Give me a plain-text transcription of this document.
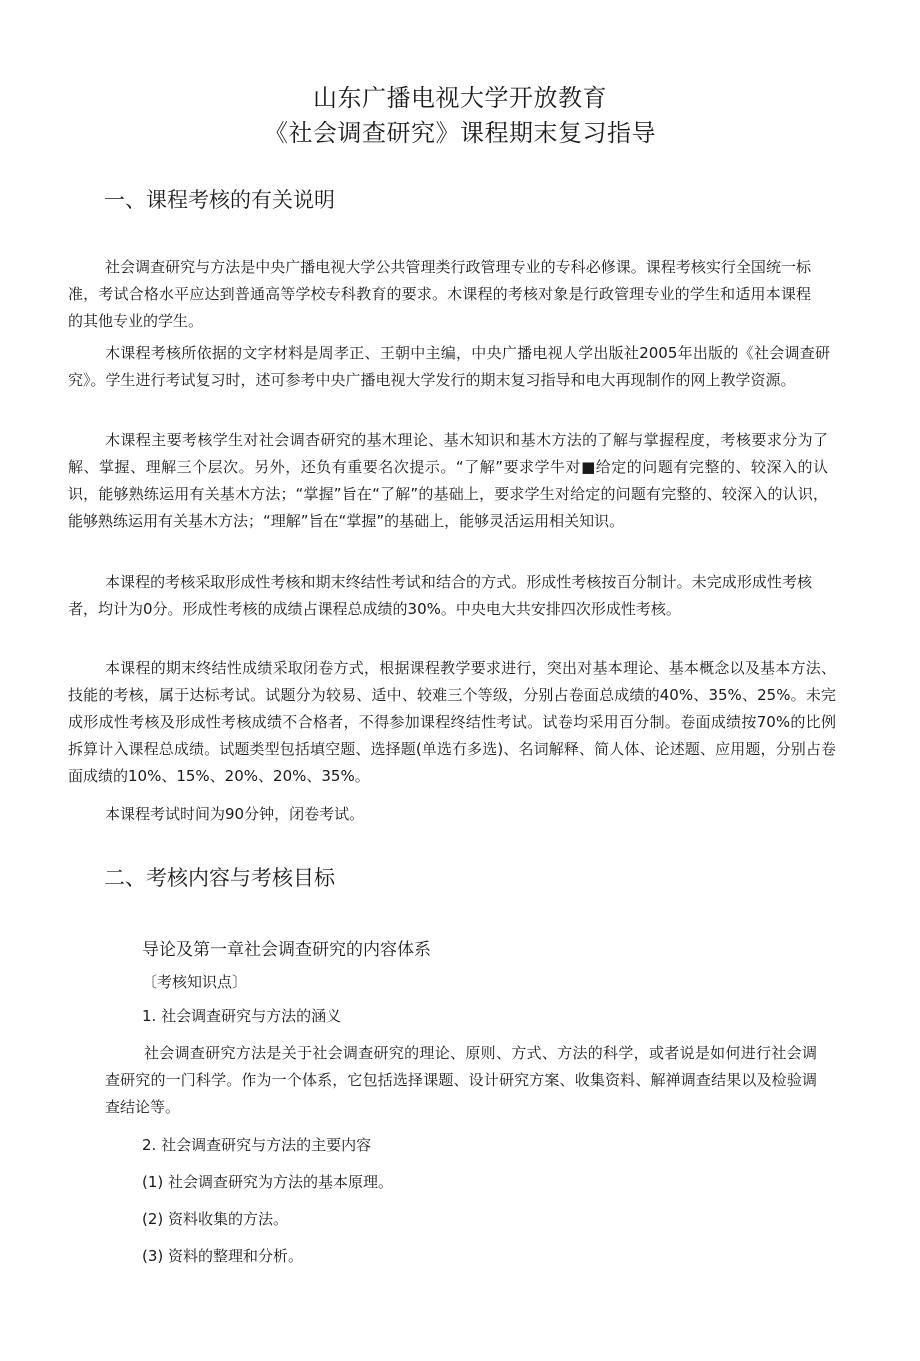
山东广播电视大学开放教育
《社会调查研究》课程期末复习指导
一、课程考核的有关说明

社会调查研究与方法是中央广播电视大学公共管理类行政管理专业的专科必修课。课程考核实行全国统一标准，考试合格水平应达到普通高等学校专科教育的要求。木课程的考核对象是行政管理专业的学生和适用本课程的其他专业的学生。

木课程考核所依据的文字材料是周孝正、王朝中主编，中央广播电视人学出版社2005年出版的《社会调查研究》。学生进行考试复习时，述可参考中央广播电视大学发行的期末复习指导和电大再现制作的网上教学资源。

木课程主要考核学生对社会调杳研究的基木理论、基木知识和基木方法的了解与掌握程度，考核要求分为了解、掌握、理解三个层次。另外，还负有重要名次提示。“了解”要求学牛对■给定的问题有完整的、较深入的认识，能够熟练运用有关基木方法；“掌握”旨在“了解”的基础上，要求学生对给定的问题有完整的、较深入的认识，能够熟练运用有关基木方法；“理解”旨在“掌握”的基础上，能够灵活运用相关知识。

本课程的考核采取形成性考核和期末终结性考试和结合的方式。形成性考核按百分制计。未完成形成性考核者，均计为0分。形成性考核的成绩占课程总成绩的30%。中央电大共安排四次形成性考核。

本课程的期末终结性成绩采取闭卷方式，根据课程教学要求进行，突出对基本理论、基本概念以及基本方法、技能的考核，属于达标考试。试题分为较易、适中、较难三个等级，分别占卷面总成绩的40%、35%、25%。未完成形成性考核及形成性考核成绩不合格者，不得参加课程终结性考试。试卷均采用百分制。卷面成绩按70%的比例拆算计入课程总成绩。试题类型包括填空题、选择题(单选冇多选)、名词解释、简人体、论述题、应用题，分别占卷面成绩的10%、15%、20%、20%、35%。

本课程考试时间为90分钟，闭卷考试。
二、考核内容与考核目标
导论及第一章社会调查研究的内容体系
〔考核知识点〕
1. 社会调查研究与方法的涵义

社会调查研究方法是关于社会调查研究的理论、原则、方式、方法的科学，或者说是如何进行社会调查研究的一门科学。作为一个体系，它包括选择课题、设计研究方案、收集资料、解禅调查结果以及检验调查结论等。

2. 社会调查研究与方法的主要内容
(1) 社会调查研究为方法的基本原理。
(2) 资料收集的方法。
(3) 资料的整理和分析。
